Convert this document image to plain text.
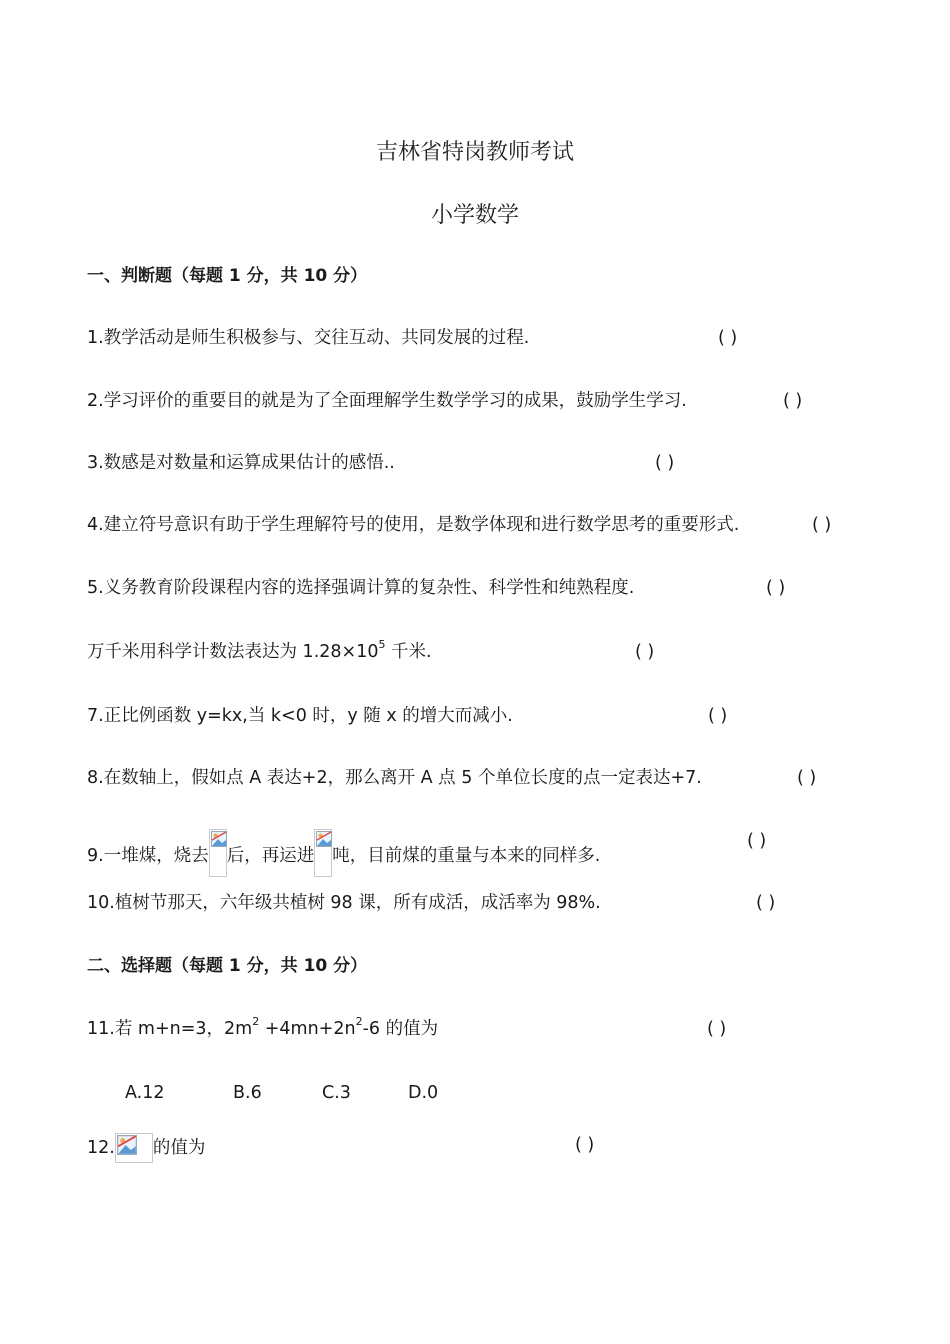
吉林省特岗教师考试
小学数学
一、判断题（每题 1 分，共 10 分）
1.教学活动是师生积极参与、交往互动、共同发展的过程.	( )
2.学习评价的重要目的就是为了全面理解学生数学学习的成果，鼓励学生学习.	( )
3.数感是对数量和运算成果估计的感悟..	( )
4.建立符号意识有助于学生理解符号的使用，是数学体现和进行数学思考的重要形式.	( )
5.义务教育阶段课程内容的选择强调计算的复杂性、科学性和纯熟程度.	( )
万千米用科学计数法表达为 $1.28\times 10^5$ 千米.	( )
7.正比例函数 y=kx,当 k<0 时，y 随 x 的增大而减小.	( )
8.在数轴上，假如点 A 表达+2，那么离开 A 点 5 个单位长度的点一定表达+7.	( )
9.一堆煤，烧去 后，再运进 吨，目前煤的重量与本来的同样多.
( )
10.植树节那天，六年级共植树 98 课，所有成活，成活率为 98%.	( )
二、选择题（每题 1 分，共 10 分）
11.若 m+n=3，$2m^2 +4mn+2n^2-6$ 的值为	( )
A.12	B.6	C.3	D.0
12. 的值为	( )
